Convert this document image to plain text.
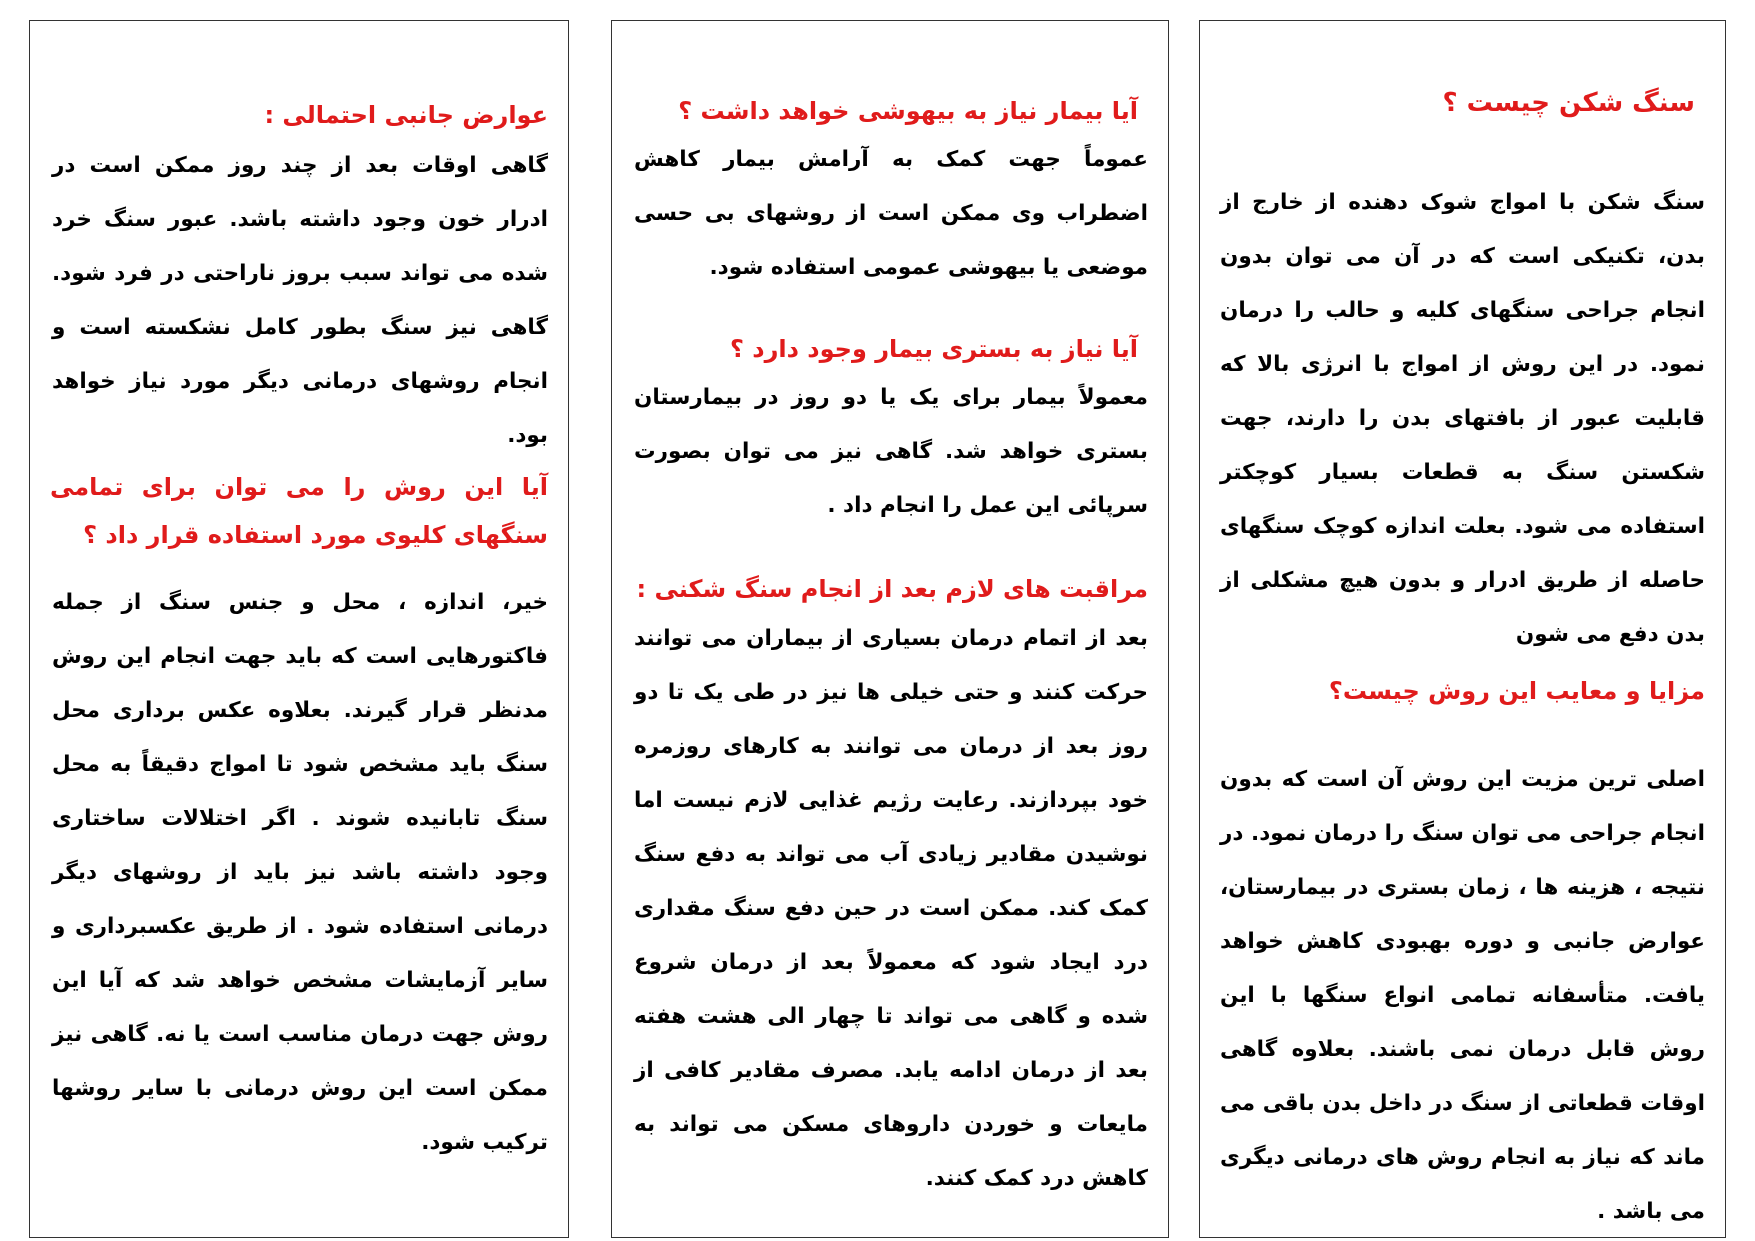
عوارض جانبی احتمالی :
گاهی اوقات بعد از چند روز ممکن است در ادرار خون وجود داشته باشد. عبور سنگ خرد شده می تواند سبب بروز ناراحتی در فرد شود. گاهی نیز سنگ بطور کامل نشکسته است و انجام روشهای درمانی دیگر مورد نیاز خواهد بود.
آیا این روش را می توان برای تمامی سنگهای کلیوی مورد استفاده قرار داد ؟
خیر، اندازه ، محل و جنس سنگ از جمله فاکتورهایی است که باید جهت انجام این روش مدنظر قرار گیرند. بعلاوه عکس برداری محل سنگ باید مشخص شود تا امواج دقیقاً به محل سنگ تابانیده شوند . اگر اختلالات ساختاری وجود داشته باشد نیز باید از روشهای دیگر درمانی استفاده شود . از طریق عکسبرداری و سایر آزمایشات مشخص خواهد شد که آیا این روش جهت درمان مناسب است یا نه. گاهی نیز ممکن است این روش درمانی با سایر روشها ترکیب شود.
آیا بیمار نیاز به بیهوشی خواهد داشت ؟
عموماً جهت کمک به آرامش بیمار کاهش اضطراب وی ممکن است از روشهای بی حسی موضعی یا بیهوشی عمومی استفاده شود.
آیا نیاز به بستری بیمار وجود دارد ؟
معمولاً بیمار برای یک یا دو روز در بیمارستان بستری خواهد شد. گاهی نیز می توان بصورت سرپائی این عمل را انجام داد .
مراقبت های لازم بعد از انجام سنگ شکنی :
بعد از اتمام درمان بسیاری از بیماران می توانند حرکت کنند و حتی خیلی ها نیز در طی یک تا دو روز بعد از درمان می توانند به کارهای روزمره خود بپردازند. رعایت رژیم غذایی لازم نیست اما نوشیدن مقادیر زیادی آب می تواند به دفع سنگ کمک کند. ممکن است در حین دفع سنگ مقداری درد ایجاد شود که معمولاً بعد از درمان شروع شده و گاهی می تواند تا چهار الی هشت هفته بعد از درمان ادامه یابد. مصرف مقادیر کافی از مایعات و خوردن داروهای مسکن می تواند به کاهش درد کمک کنند.
سنگ شکن چیست ؟
سنگ شکن با امواج شوک دهنده از خارج از بدن، تکنیکی است که در آن می توان بدون انجام جراحی سنگهای کلیه و حالب را درمان نمود. در این روش از امواج با انرژی بالا که قابلیت عبور از بافتهای بدن را دارند، جهت شکستن سنگ به قطعات بسیار کوچکتر استفاده می شود. بعلت اندازه کوچک سنگهای حاصله از طریق ادرار و بدون هیچ مشکلی از بدن دفع می شون
مزایا و معایب این روش چیست؟
اصلی ترین مزیت این روش آن است که بدون انجام جراحی می توان سنگ را درمان نمود. در نتیجه ، هزینه ها ، زمان بستری در بیمارستان، عوارض جانبی و دوره بهبودی کاهش خواهد یافت. متأسفانه تمامی انواع سنگها با این روش قابل درمان نمی باشند. بعلاوه گاهی اوقات قطعاتی از سنگ در داخل بدن باقی می ماند که نیاز به انجام روش های درمانی دیگری می باشد .
